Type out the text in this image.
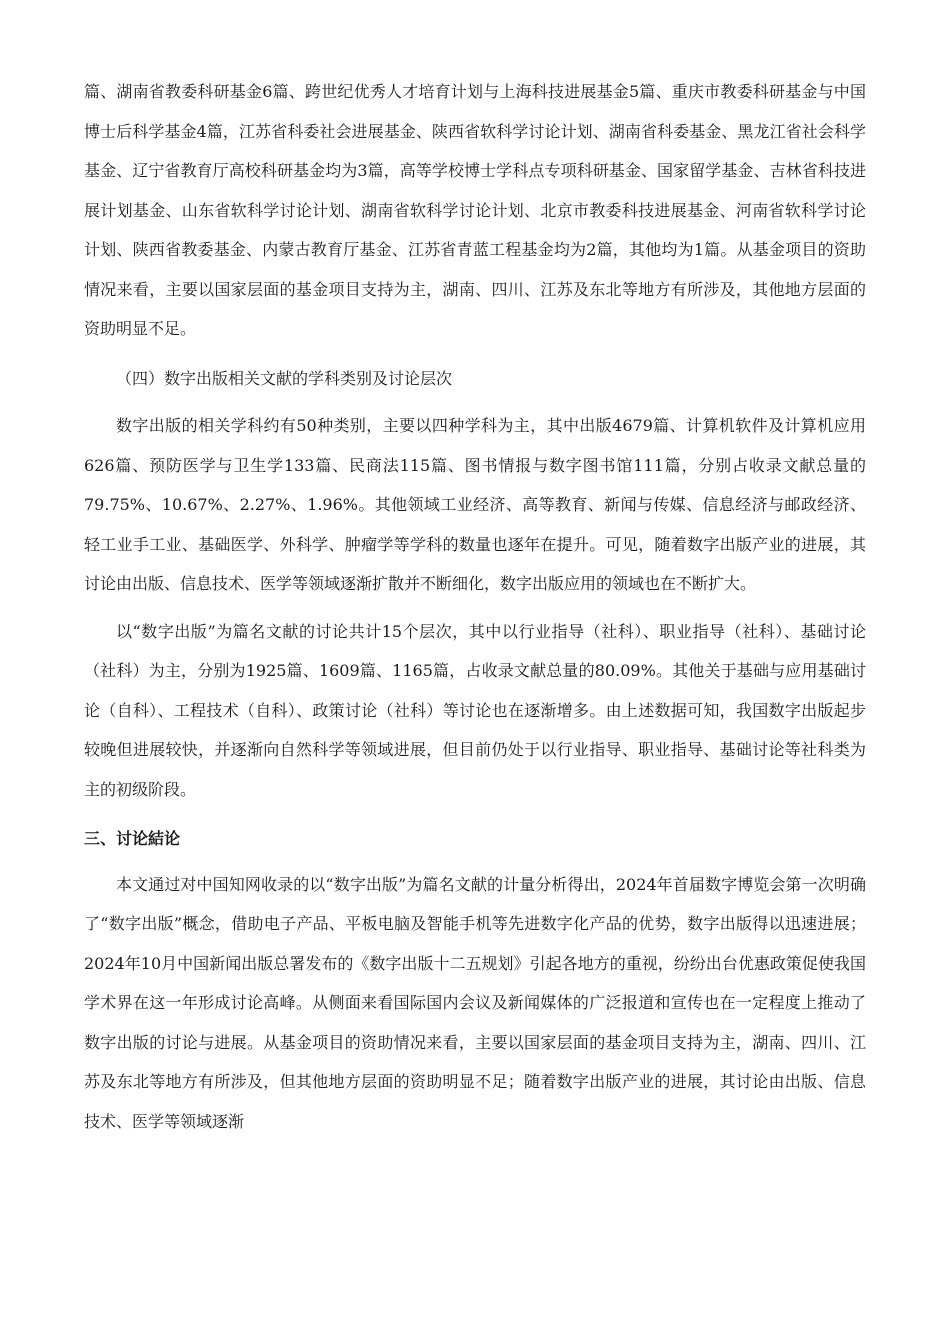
篇、湖南省教委科研基金6篇、跨世纪优秀人才培育计划与上海科技进展基金5篇、重庆市教委科研基金与中国博士后科学基金4篇，江苏省科委社会进展基金、陕西省软科学讨论计划、湖南省科委基金、黑龙江省社会科学基金、辽宁省教育厅高校科研基金均为3篇，高等学校博士学科点专项科研基金、国家留学基金、吉林省科技进展计划基金、山东省软科学讨论计划、湖南省软科学讨论计划、北京市教委科技进展基金、河南省软科学讨论计划、陕西省教委基金、内蒙古教育厅基金、江苏省青蓝工程基金均为2篇，其他均为1篇。从基金项目的资助情况来看，主要以国家层面的基金项目支持为主，湖南、四川、江苏及东北等地方有所涉及，其他地方层面的资助明显不足。

（四）数字出版相关文献的学科类别及讨论层次

数字出版的相关学科约有50种类别，主要以四种学科为主，其中出版4679篇、计算机软件及计算机应用626篇、预防医学与卫生学133篇、民商法115篇、图书情报与数字图书馆111篇，分别占收录文献总量的79.75%、10.67%、2.27%、1.96%。其他领域工业经济、高等教育、新闻与传媒、信息经济与邮政经济、轻工业手工业、基础医学、外科学、肿瘤学等学科的数量也逐年在提升。可见，随着数字出版产业的进展，其讨论由出版、信息技术、医学等领域逐渐扩散并不断细化，数字出版应用的领域也在不断扩大。

以“数字出版”为篇名文献的讨论共计15个层次，其中以行业指导（社科）、职业指导（社科）、基础讨论（社科）为主，分别为1925篇、1609篇、1165篇，占收录文献总量的80.09%。其他关于基础与应用基础讨论（自科）、工程技术（自科）、政策讨论（社科）等讨论也在逐渐增多。由上述数据可知，我国数字出版起步较晚但进展较快，并逐渐向自然科学等领域进展，但目前仍处于以行业指导、职业指导、基础讨论等社科类为主的初级阶段。

三、讨论結论

本文通过对中国知网收录的以“数字出版”为篇名文献的计量分析得出，2024年首届数字博览会第一次明确了“数字出版”概念，借助电子产品、平板电脑及智能手机等先进数字化产品的优势，数字出版得以迅速进展；2024年10月中国新闻出版总署发布的《数字出版十二五规划》引起各地方的重视，纷纷出台优惠政策促使我国学术界在这一年形成讨论高峰。从侧面来看国际国内会议及新闻媒体的广泛报道和宣传也在一定程度上推动了数字出版的讨论与进展。从基金项目的资助情况来看，主要以国家层面的基金项目支持为主，湖南、四川、江苏及东北等地方有所涉及，但其他地方层面的资助明显不足；随着数字出版产业的进展，其讨论由出版、信息技术、医学等领域逐渐
